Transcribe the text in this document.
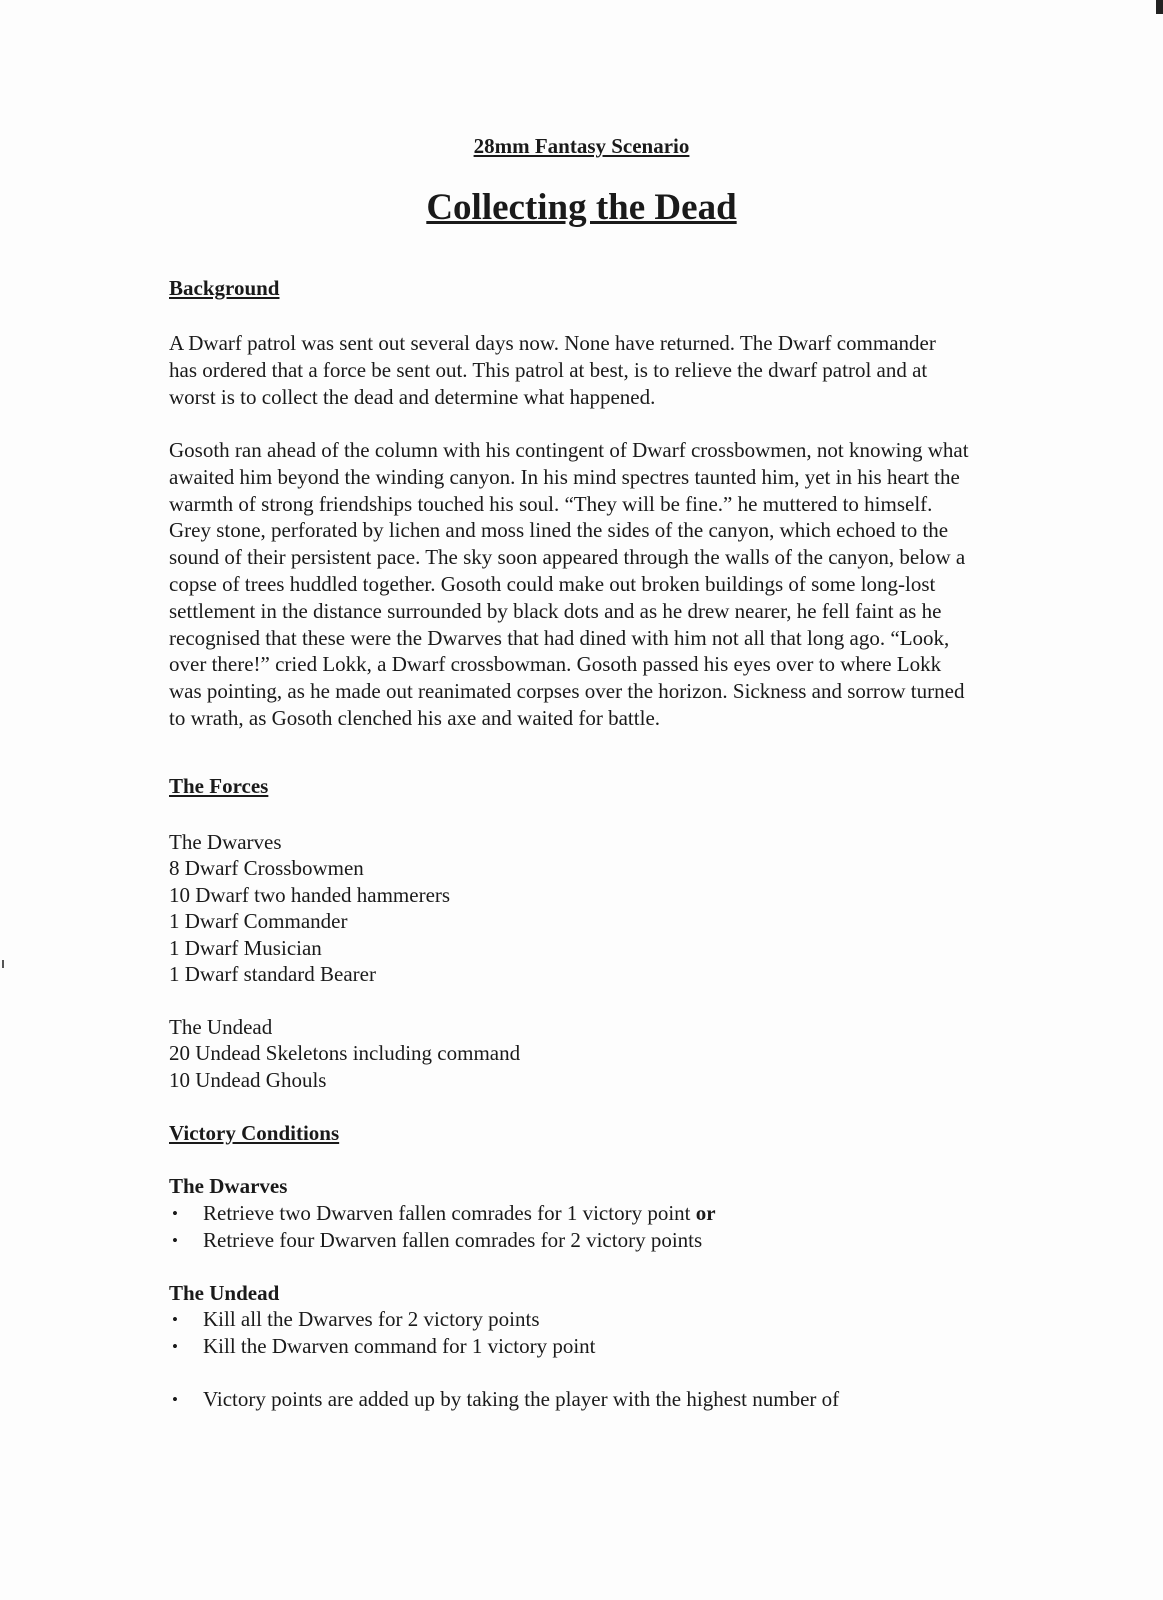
28mm Fantasy Scenario
Collecting the Dead
Background

A Dwarf patrol was sent out several days now. None have returned. The Dwarf commander has ordered that a force be sent out. This patrol at best, is to relieve the dwarf patrol and at worst is to collect the dead and determine what happened.

Gosoth ran ahead of the column with his contingent of Dwarf crossbowmen, not knowing what awaited him beyond the winding canyon. In his mind spectres taunted him, yet in his heart the warmth of strong friendships touched his soul. “They will be fine.” he muttered to himself. Grey stone, perforated by lichen and moss lined the sides of the canyon, which echoed to the sound of their persistent pace. The sky soon appeared through the walls of the canyon, below a copse of trees huddled together. Gosoth could make out broken buildings of some long-lost settlement in the distance surrounded by black dots and as he drew nearer, he fell faint as he recognised that these were the Dwarves that had dined with him not all that long ago. “Look, over there!” cried Lokk, a Dwarf crossbowman. Gosoth passed his eyes over to where Lokk was pointing, as he made out reanimated corpses over the horizon. Sickness and sorrow turned to wrath, as Gosoth clenched his axe and waited for battle.

The Forces
The Dwarves
8 Dwarf Crossbowmen
10 Dwarf two handed hammerers
1 Dwarf Commander
1 Dwarf Musician
1 Dwarf standard Bearer
The Undead
20 Undead Skeletons including command
10 Undead Ghouls
Victory Conditions
The Dwarves
•Retrieve two Dwarven fallen comrades for 1 victory point or
•Retrieve four Dwarven fallen comrades for 2 victory points
The Undead
•Kill all the Dwarves for 2 victory points
•Kill the Dwarven command for 1 victory point
•Victory points are added up by taking the player with the highest number of
